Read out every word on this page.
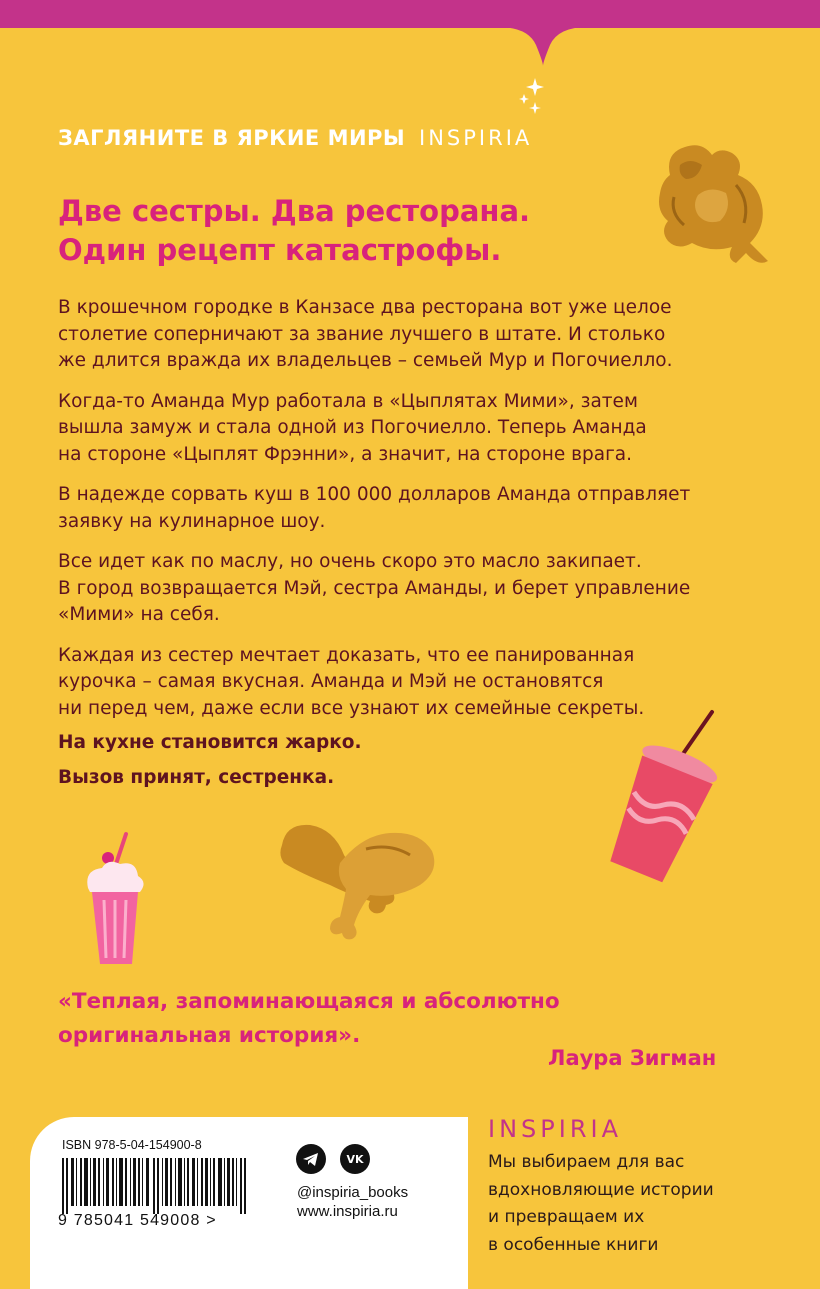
ЗАГЛЯНИТЕ В ЯРКИЕ МИРЫ INSPIRIA
Две сестры. Два ресторана.
Один рецепт катастрофы.

В крошечном городке в Канзасе два ресторана вот уже целое
столетие соперничают за звание лучшего в штате. И столько
же длится вражда их владельцев – семьей Мур и Погочиелло.

Когда-то Аманда Мур работала в «Цыплятах Мими», затем
вышла замуж и стала одной из Погочиелло. Теперь Аманда
на стороне «Цыплят Фрэнни», а значит, на стороне врага.

В надежде сорвать куш в 100 000 долларов Аманда отправляет
заявку на кулинарное шоу.

Все идет как по маслу, но очень скоро это масло закипает.
В город возвращается Мэй, сестра Аманды, и берет управление
«Мими» на себя.

Каждая из сестер мечтает доказать, что ее панированная
курочка – самая вкусная. Аманда и Мэй не остановятся
ни перед чем, даже если все узнают их семейные секреты.

На кухне становится жарко.

Вызов принят, сестренка.

«Теплая, запоминающаяся и абсолютно
оригинальная история».
Лаура Зигман
ISBN 978-5-04-154900-8
9 785041 549008 >
VK
@inspiria_books
www.inspiria.ru
INSPIRIA
Мы выбираем для вас
вдохновляющие истории
и превращаем их
в особенные книги
